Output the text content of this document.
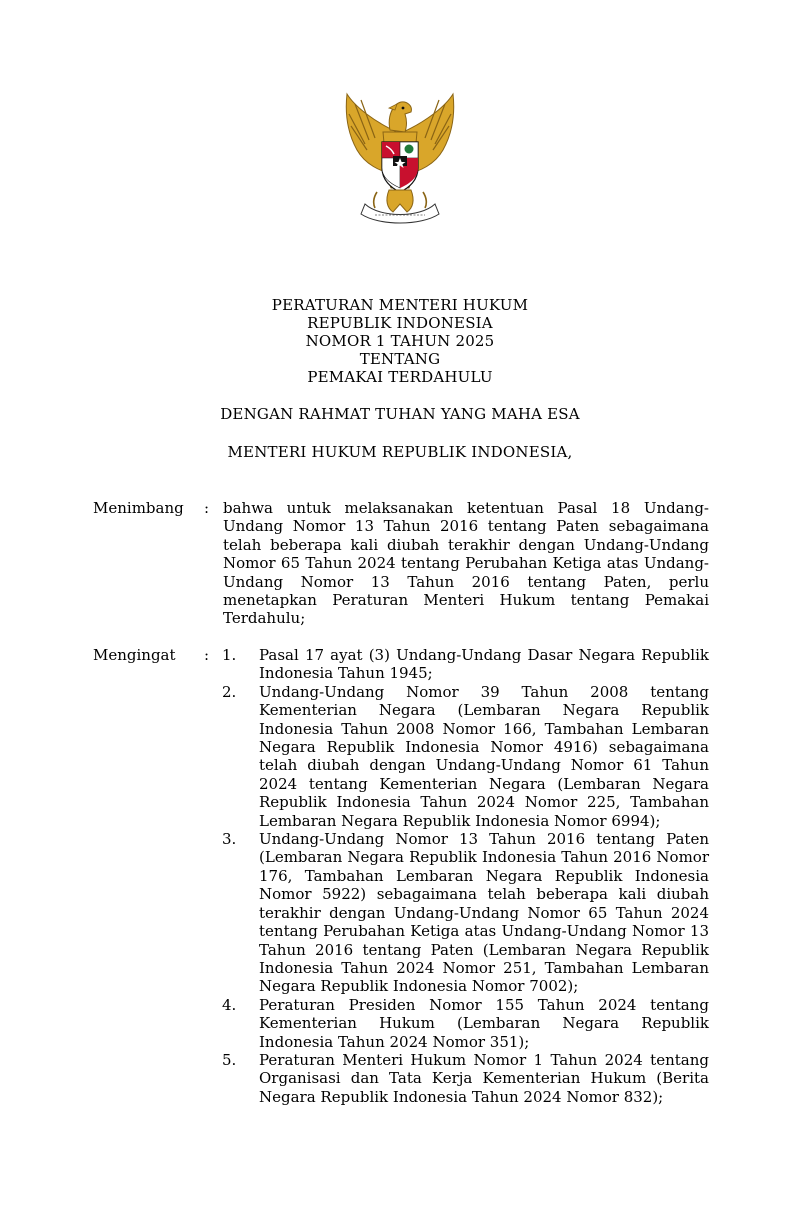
PERATURAN MENTERI HUKUM
REPUBLIK INDONESIA
NOMOR 1 TAHUN 2025
TENTANG
PEMAKAI TERDAHULU
DENGAN RAHMAT TUHAN YANG MAHA ESA
MENTERI HUKUM REPUBLIK INDONESIA,
Menimbang : bahwa untuk melaksanakan ketentuan Pasal 18 Undang-Undang Nomor 13 Tahun 2016 tentang Paten sebagaimana telah beberapa kali diubah terakhir dengan Undang-Undang Nomor 65 Tahun 2024 tentang Perubahan Ketiga atas Undang-Undang Nomor 13 Tahun 2016 tentang Paten, perlu menetapkan Peraturan Menteri Hukum tentang Pemakai Terdahulu;

Mengingat : 1. Pasal 17 ayat (3) Undang-Undang Dasar Negara Republik Indonesia Tahun 1945;

2. Undang-Undang Nomor 39 Tahun 2008 tentang Kementerian Negara (Lembaran Negara Republik Indonesia Tahun 2008 Nomor 166, Tambahan Lembaran Negara Republik Indonesia Nomor 4916) sebagaimana telah diubah dengan Undang-Undang Nomor 61 Tahun 2024 tentang Kementerian Negara (Lembaran Negara Republik Indonesia Tahun 2024 Nomor 225, Tambahan Lembaran Negara Republik Indonesia Nomor 6994);

3. Undang-Undang Nomor 13 Tahun 2016 tentang Paten (Lembaran Negara Republik Indonesia Tahun 2016 Nomor 176, Tambahan Lembaran Negara Republik Indonesia Nomor 5922) sebagaimana telah beberapa kali diubah terakhir dengan Undang-Undang Nomor 65 Tahun 2024 tentang Perubahan Ketiga atas Undang-Undang Nomor 13 Tahun 2016 tentang Paten (Lembaran Negara Republik Indonesia Tahun 2024 Nomor 251, Tambahan Lembaran Negara Republik Indonesia Nomor 7002);

4. Peraturan Presiden Nomor 155 Tahun 2024 tentang Kementerian Hukum (Lembaran Negara Republik Indonesia Tahun 2024 Nomor 351);

5. Peraturan Menteri Hukum Nomor 1 Tahun 2024 tentang Organisasi dan Tata Kerja Kementerian Hukum (Berita Negara Republik Indonesia Tahun 2024 Nomor 832);
